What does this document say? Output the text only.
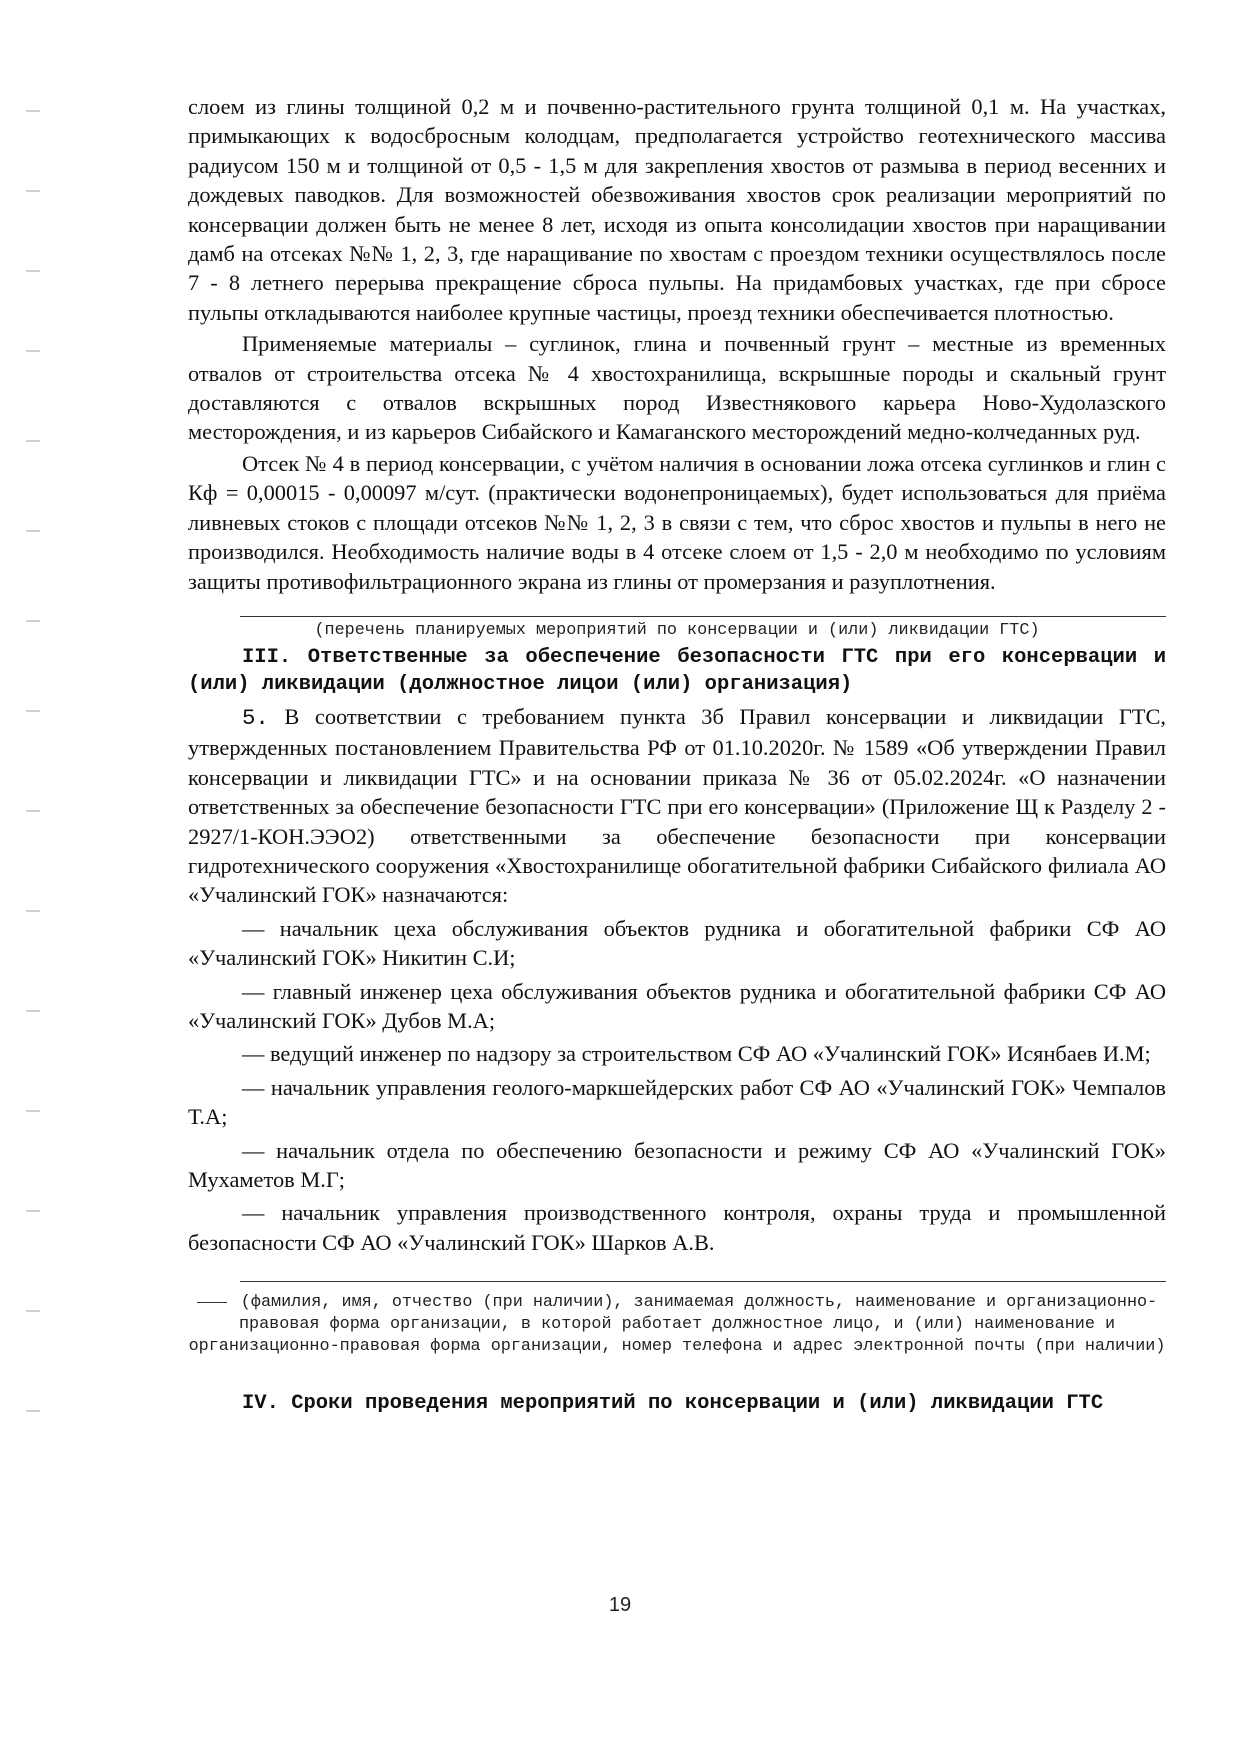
слоем из глины толщиной 0,2 м и почвенно-растительного грунта толщиной 0,1 м. На участках, примыкающих к водосбросным колодцам, предполагается устройство геотехнического массива радиусом 150 м и толщиной от 0,5 - 1,5 м для закрепления хвостов от размыва в период весенних и дождевых паводков. Для возможностей обезвоживания хвостов срок реализации мероприятий по консервации должен быть не менее 8 лет, исходя из опыта консолидации хвостов при наращивании дамб на отсеках №№ 1, 2, 3, где наращивание по хвостам с проездом техники осуществлялось после 7 - 8 летнего перерыва прекращение сброса пульпы. На придамбовых участках, где при сбросе пульпы откладываются наиболее крупные частицы, проезд техники обеспечивается плотностью.

Применяемые материалы – суглинок, глина и почвенный грунт – местные из временных отвалов от строительства отсека № 4 хвостохранилища, вскрышные породы и скальный грунт доставляются с отвалов вскрышных пород Известнякового карьера Ново-Худолазского месторождения, и из карьеров Сибайского и Камаганского месторождений медно-колчеданных руд.

Отсек № 4 в период консервации, с учётом наличия в основании ложа отсека суглинков и глин с Кф = 0,00015 - 0,00097 м/сут. (практически водонепроницаемых), будет использоваться для приёма ливневых стоков с площади отсеков №№ 1, 2, 3 в связи с тем, что сброс хвостов и пульпы в него не производился. Необходимость наличие воды в 4 отсеке слоем от 1,5 - 2,0 м необходимо по условиям защиты противофильтрационного экрана из глины от промерзания и разуплотнения.

(перечень планируемых мероприятий по консервации и (или) ликвидации ГТС)

III. Ответственные за обеспечение безопасности ГТС при его консервации и (или) ликвидации (должностное лицои (или) организация)

5. В соответствии с требованием пункта 3б Правил консервации и ликвидации ГТС, утвержденных постановлением Правительства РФ от 01.10.2020г. № 1589 «Об утверждении Правил консервации и ликвидации ГТС» и на основании приказа № 36 от 05.02.2024г. «О назначении ответственных за обеспечение безопасности ГТС при его консервации» (Приложение Щ к Разделу 2 - 2927/1-КОН.ЭЭО2) ответственными за обеспечение безопасности при консервации гидротехнического сооружения «Хвостохранилище обогатительной фабрики Сибайского филиала АО «Учалинский ГОК» назначаются:

— начальник цеха обслуживания объектов рудника и обогатительной фабрики СФ АО «Учалинский ГОК» Никитин С.И;

— главный инженер цеха обслуживания объектов рудника и обогатительной фабрики СФ АО «Учалинский ГОК» Дубов М.А;

— ведущий инженер по надзору за строительством СФ АО «Учалинский ГОК» Исянбаев И.М;

— начальник управления геолого-маркшейдерских работ СФ АО «Учалинский ГОК» Чемпалов Т.А;

— начальник отдела по обеспечению безопасности и режиму СФ АО «Учалинский ГОК» Мухаметов М.Г;

— начальник управления производственного контроля, охраны труда и промышленной безопасности СФ АО «Учалинский ГОК» Шарков А.В.

(фамилия, имя, отчество (при наличии), занимаемая должность, наименование и организационно-правовая форма организации, в которой работает должностное лицо, и (или) наименование и организационно-правовая форма организации, номер телефона и адрес электронной почты (при наличии)

IV. Сроки проведения мероприятий по консервации и (или) ликвидации ГТС

19
